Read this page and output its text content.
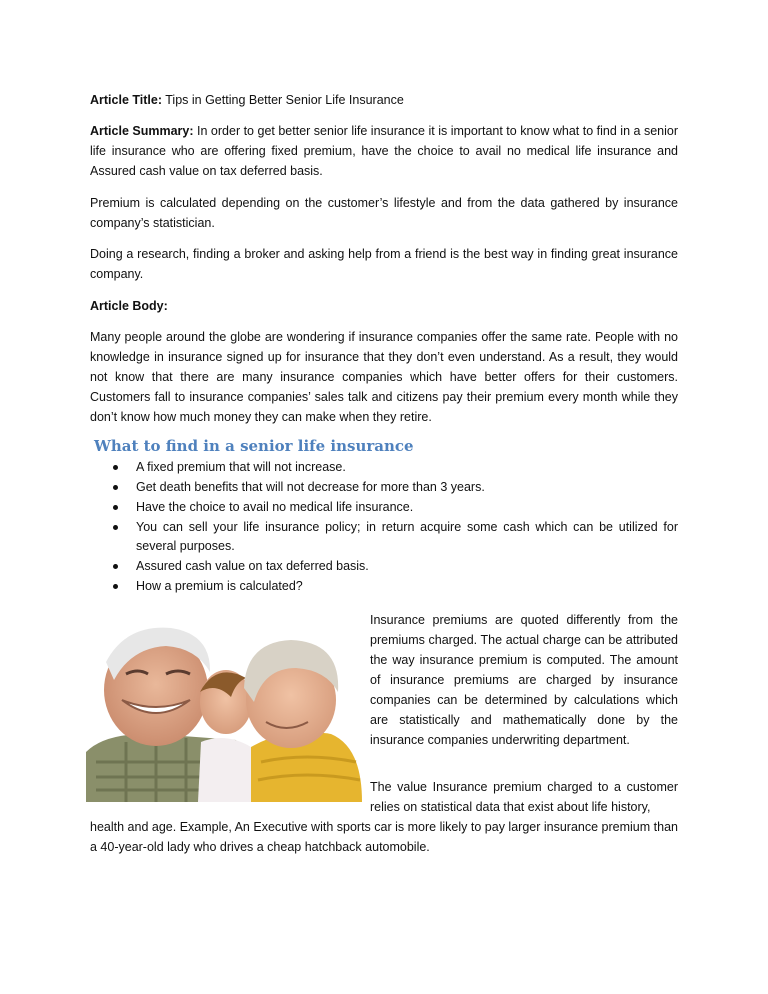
Article Title: Tips in Getting Better Senior Life Insurance

Article Summary: In order to get better senior life insurance it is important to know what to find in a senior life insurance who are offering fixed premium, have the choice to avail no medical life insurance and Assured cash value on tax deferred basis.

Premium is calculated depending on the customer’s lifestyle and from the data gathered by insurance company’s statistician.

Doing a research, finding a broker and asking help from a friend is the best way in finding great insurance company.

Article Body:

Many people around the globe are wondering if insurance companies offer the same rate. People with no knowledge in insurance signed up for insurance that they don’t even understand. As a result, they would not know that there are many insurance companies which have better offers for their customers. Customers fall to insurance companies’ sales talk and citizens pay their premium every month while they don’t know how much money they can make when they retire.

What to find in a senior life insurance
A fixed premium that will not increase.
Get death benefits that will not decrease for more than 3 years.
Have the choice to avail no medical life insurance.
You can sell your life insurance policy; in return acquire some cash which can be utilized for several purposes.
Assured cash value on tax deferred basis.
How a premium is calculated?

Insurance premiums are quoted differently from the premiums charged. The actual charge can be attributed the way insurance premium is computed. The amount of insurance premiums are charged by insurance companies can be determined by calculations which are statistically and mathematically done by the insurance companies underwriting department.

The value Insurance premium charged to a customer relies on statistical data that exist about life history,

health and age. Example, An Executive with sports car is more likely to pay larger insurance premium than a 40-year-old lady who drives a cheap hatchback automobile.
